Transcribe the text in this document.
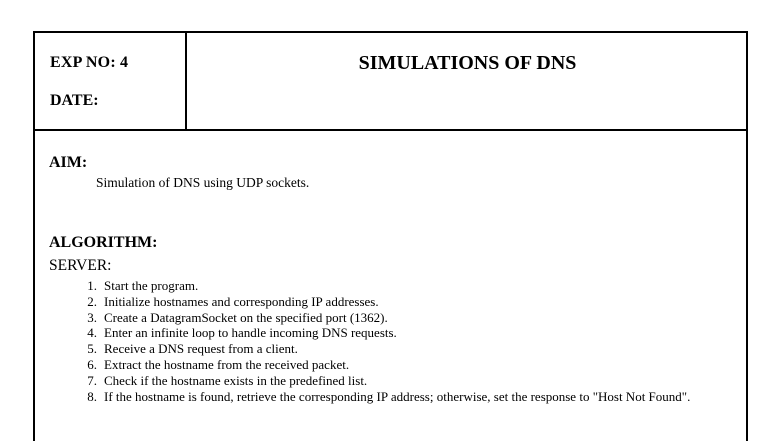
EXP NO: 4
DATE:
SIMULATIONS OF DNS
AIM:
Simulation of DNS using UDP sockets.
ALGORITHM:
SERVER:
1. Start the program.
2. Initialize hostnames and corresponding IP addresses.
3. Create a DatagramSocket on the specified port (1362).
4. Enter an infinite loop to handle incoming DNS requests.
5. Receive a DNS request from a client.
6. Extract the hostname from the received packet.
7. Check if the hostname exists in the predefined list.
8. If the hostname is found, retrieve the corresponding IP address; otherwise, set the response to "Host Not Found".
